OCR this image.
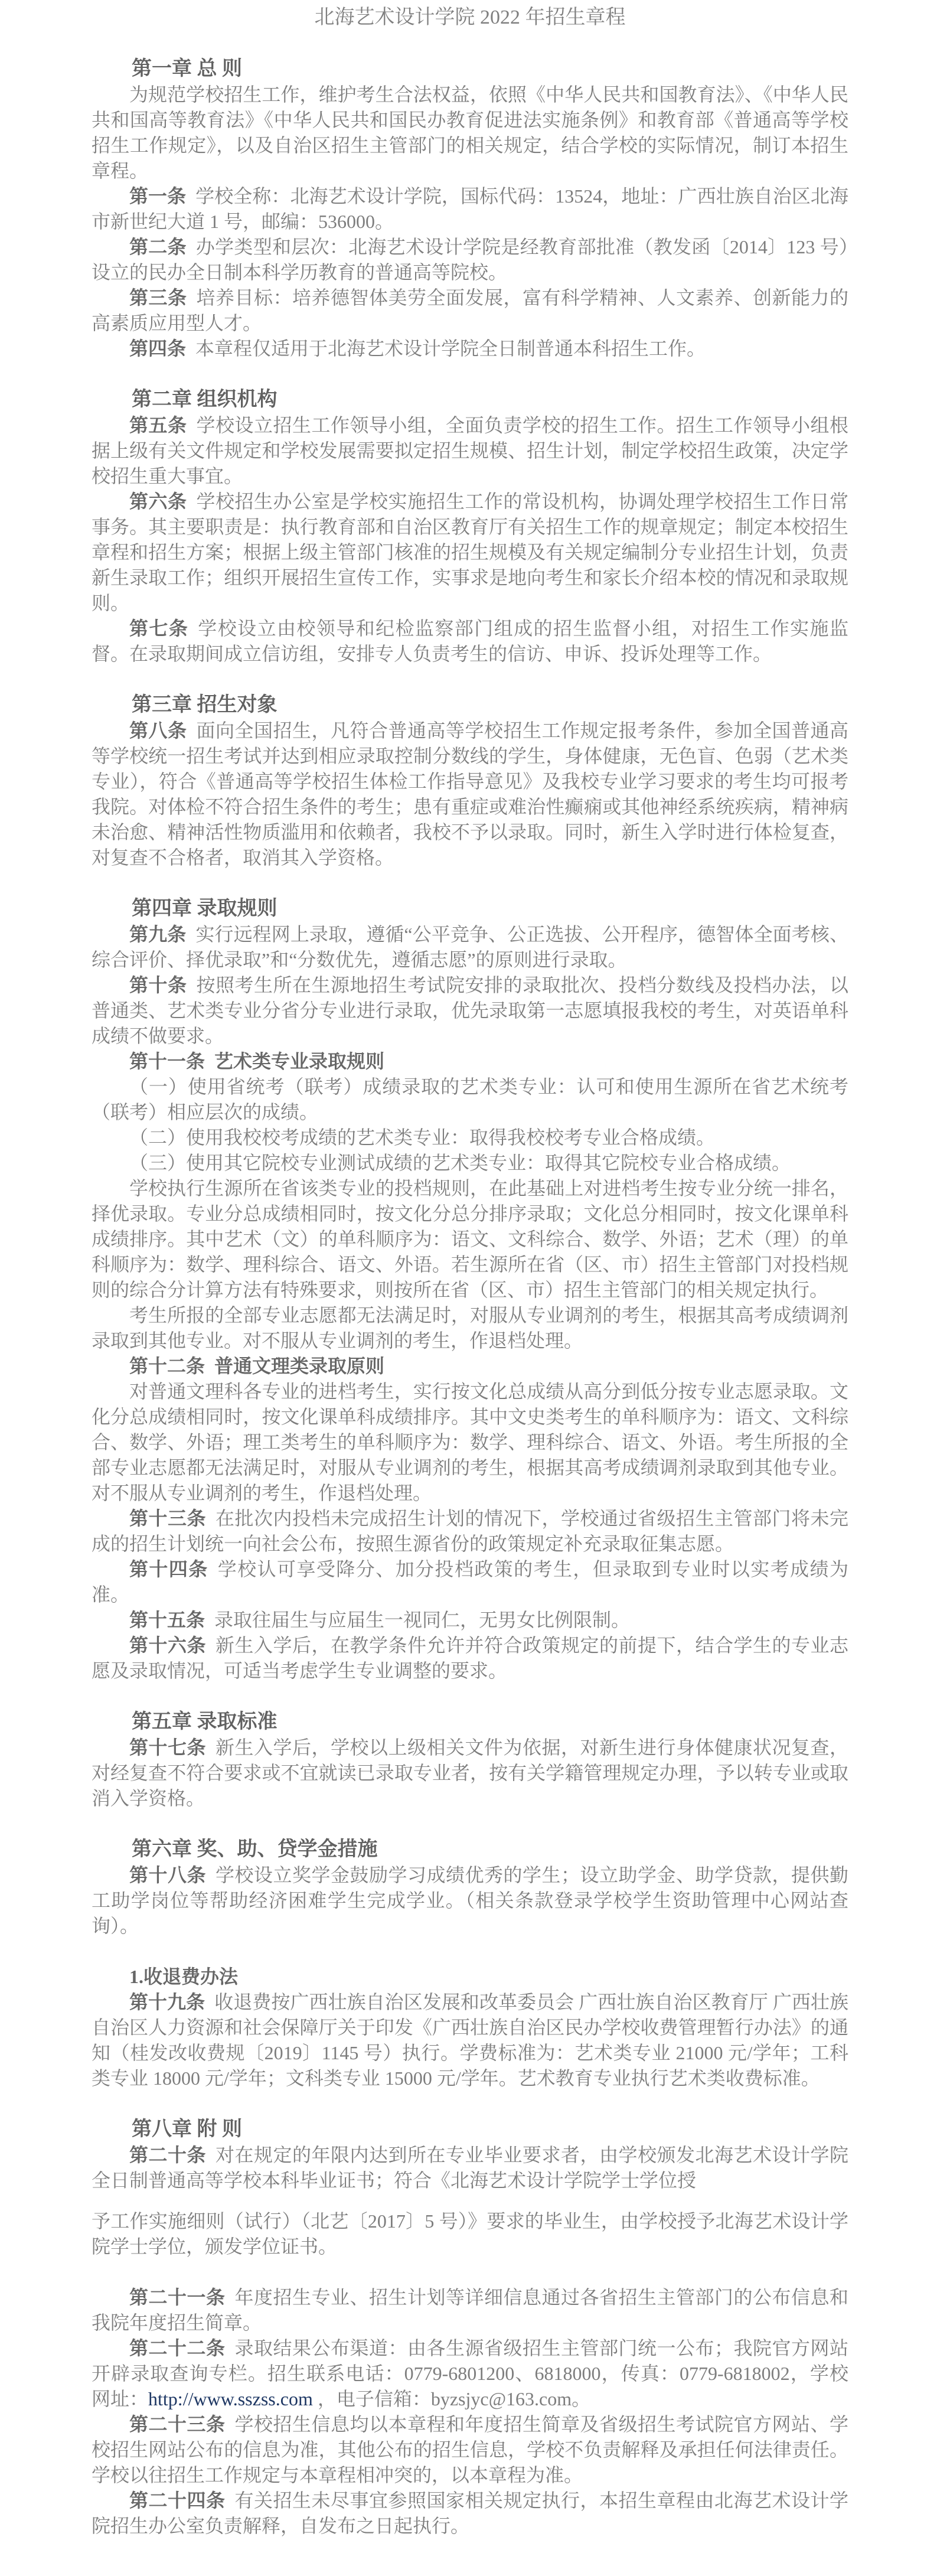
北海艺术设计学院 2022 年招生章程
第一章 总 则

为规范学校招生工作，维护考生合法权益，依照《中华人民共和国教育法》、《中华人民共和国高等教育法》《中华人民共和国民办教育促进法实施条例》和教育部《普通高等学校招生工作规定》，以及自治区招生主管部门的相关规定，结合学校的实际情况，制订本招生章程。

第一条 学校全称：北海艺术设计学院，国标代码：13524，地址：广西壮族自治区北海市新世纪大道 1 号，邮编：536000。

第二条 办学类型和层次：北海艺术设计学院是经教育部批准（教发函〔2014〕123 号）设立的民办全日制本科学历教育的普通高等院校。

第三条 培养目标：培养德智体美劳全面发展，富有科学精神、人文素养、创新能力的高素质应用型人才。

第四条 本章程仅适用于北海艺术设计学院全日制普通本科招生工作。

第二章 组织机构

第五条 学校设立招生工作领导小组，全面负责学校的招生工作。招生工作领导小组根据上级有关文件规定和学校发展需要拟定招生规模、招生计划，制定学校招生政策，决定学校招生重大事宜。

第六条 学校招生办公室是学校实施招生工作的常设机构，协调处理学校招生工作日常事务。其主要职责是：执行教育部和自治区教育厅有关招生工作的规章规定；制定本校招生章程和招生方案；根据上级主管部门核准的招生规模及有关规定编制分专业招生计划，负责新生录取工作；组织开展招生宣传工作，实事求是地向考生和家长介绍本校的情况和录取规则。

第七条 学校设立由校领导和纪检监察部门组成的招生监督小组，对招生工作实施监督。在录取期间成立信访组，安排专人负责考生的信访、申诉、投诉处理等工作。

第三章 招生对象

第八条 面向全国招生，凡符合普通高等学校招生工作规定报考条件，参加全国普通高等学校统一招生考试并达到相应录取控制分数线的学生，身体健康，无色盲、色弱（艺术类专业），符合《普通高等学校招生体检工作指导意见》及我校专业学习要求的考生均可报考我院。对体检不符合招生条件的考生；患有重症或难治性癫痫或其他神经系统疾病，精神病未治愈、精神活性物质滥用和依赖者，我校不予以录取。同时，新生入学时进行体检复查，对复查不合格者，取消其入学资格。

第四章 录取规则

第九条 实行远程网上录取，遵循“公平竞争、公正选拔、公开程序，德智体全面考核、综合评价、择优录取”和“分数优先，遵循志愿”的原则进行录取。

第十条 按照考生所在生源地招生考试院安排的录取批次、投档分数线及投档办法，以普通类、艺术类专业分省分专业进行录取，优先录取第一志愿填报我校的考生，对英语单科成绩不做要求。

第十一条 艺术类专业录取规则

（一）使用省统考（联考）成绩录取的艺术类专业：认可和使用生源所在省艺术统考（联考）相应层次的成绩。

（二）使用我校校考成绩的艺术类专业：取得我校校考专业合格成绩。

（三）使用其它院校专业测试成绩的艺术类专业：取得其它院校专业合格成绩。

学校执行生源所在省该类专业的投档规则，在此基础上对进档考生按专业分统一排名，择优录取。专业分总成绩相同时，按文化分总分排序录取；文化总分相同时，按文化课单科成绩排序。其中艺术（文）的单科顺序为：语文、文科综合、数学、外语；艺术（理）的单科顺序为：数学、理科综合、语文、外语。若生源所在省（区、市）招生主管部门对投档规则的综合分计算方法有特殊要求，则按所在省（区、市）招生主管部门的相关规定执行。

考生所报的全部专业志愿都无法满足时，对服从专业调剂的考生，根据其高考成绩调剂录取到其他专业。对不服从专业调剂的考生，作退档处理。

第十二条 普通文理类录取原则

对普通文理科各专业的进档考生，实行按文化总成绩从高分到低分按专业志愿录取。文化分总成绩相同时，按文化课单科成绩排序。其中文史类考生的单科顺序为：语文、文科综合、数学、外语；理工类考生的单科顺序为：数学、理科综合、语文、外语。考生所报的全部专业志愿都无法满足时，对服从专业调剂的考生，根据其高考成绩调剂录取到其他专业。对不服从专业调剂的考生，作退档处理。

第十三条 在批次内投档未完成招生计划的情况下，学校通过省级招生主管部门将未完成的招生计划统一向社会公布，按照生源省份的政策规定补充录取征集志愿。

第十四条 学校认可享受降分、加分投档政策的考生，但录取到专业时以实考成绩为准。

第十五条 录取往届生与应届生一视同仁，无男女比例限制。

第十六条 新生入学后，在教学条件允许并符合政策规定的前提下，结合学生的专业志愿及录取情况，可适当考虑学生专业调整的要求。

第五章 录取标准

第十七条 新生入学后，学校以上级相关文件为依据，对新生进行身体健康状况复查，对经复查不符合要求或不宜就读已录取专业者，按有关学籍管理规定办理，予以转专业或取消入学资格。

第六章 奖、助、贷学金措施

第十八条 学校设立奖学金鼓励学习成绩优秀的学生；设立助学金、助学贷款，提供勤工助学岗位等帮助经济困难学生完成学业。（相关条款登录学校学生资助管理中心网站查询）。

1.收退费办法

第十九条 收退费按广西壮族自治区发展和改革委员会 广西壮族自治区教育厅 广西壮族自治区人力资源和社会保障厅关于印发《广西壮族自治区民办学校收费管理暂行办法》的通知（桂发改收费规〔2019〕1145 号）执行。学费标准为：艺术类专业 21000 元/学年；工科类专业 18000 元/学年；文科类专业 15000 元/学年。艺术教育专业执行艺术类收费标准。

第八章 附 则

第二十条 对在规定的年限内达到所在专业毕业要求者，由学校颁发北海艺术设计学院全日制普通高等学校本科毕业证书；符合《北海艺术设计学院学士学位授

予工作实施细则（试行）（北艺〔2017〕5 号）》要求的毕业生，由学校授予北海艺术设计学院学士学位，颁发学位证书。

第二十一条 年度招生专业、招生计划等详细信息通过各省招生主管部门的公布信息和我院年度招生简章。

第二十二条 录取结果公布渠道：由各生源省级招生主管部门统一公布；我院官方网站开辟录取查询专栏。招生联系电话：0779-6801200、6818000，传真：0779-6818002，学校网址：http://www.sszss.com ，电子信箱：byzsjyc@163.com。

第二十三条 学校招生信息均以本章程和年度招生简章及省级招生考试院官方网站、学校招生网站公布的信息为准，其他公布的招生信息，学校不负责解释及承担任何法律责任。学校以往招生工作规定与本章程相冲突的，以本章程为准。

第二十四条 有关招生未尽事宜参照国家相关规定执行，本招生章程由北海艺术设计学院招生办公室负责解释，自发布之日起执行。
